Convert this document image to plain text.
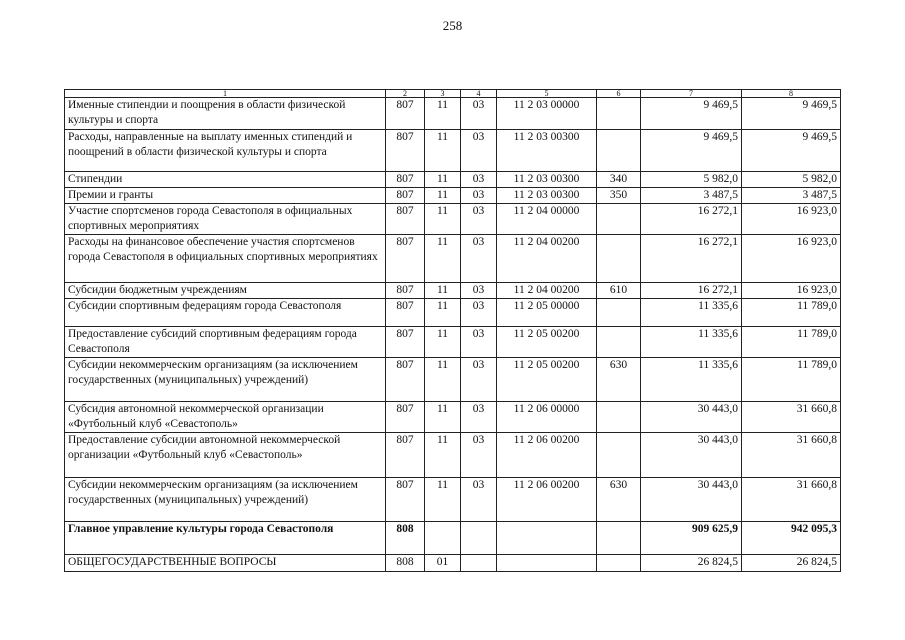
258
1	2	3	4	5	6	7	8
Именные стипендии и поощрения в области физической культуры и спорта	807	11	03	11 2 03 00000		9 469,5	9 469,5
Расходы, направленные на выплату именных стипендий и поощрений в области физической культуры и спорта	807	11	03	11 2 03 00300		9 469,5	9 469,5
Стипендии	807	11	03	11 2 03 00300	340	5 982,0	5 982,0
Премии и гранты	807	11	03	11 2 03 00300	350	3 487,5	3 487,5
Участие спортсменов города Севастополя в официальных спортивных мероприятиях	807	11	03	11 2 04 00000		16 272,1	16 923,0
Расходы на финансовое обеспечение участия спортсменов города Севастополя в официальных спортивных мероприятиях	807	11	03	11 2 04 00200		16 272,1	16 923,0
Субсидии бюджетным учреждениям	807	11	03	11 2 04 00200	610	16 272,1	16 923,0
Субсидии спортивным федерациям города Севастополя	807	11	03	11 2 05 00000		11 335,6	11 789,0
Предоставление субсидий спортивным федерациям города Севастополя	807	11	03	11 2 05 00200		11 335,6	11 789,0
Субсидии некоммерческим организациям (за исключением государственных (муниципальных) учреждений)	807	11	03	11 2 05 00200	630	11 335,6	11 789,0
Субсидия автономной некоммерческой организации «Футбольный клуб «Севастополь»	807	11	03	11 2 06 00000		30 443,0	31 660,8
Предоставление субсидии автономной некоммерческой организации «Футбольный клуб «Севастополь»	807	11	03	11 2 06 00200		30 443,0	31 660,8
Субсидии некоммерческим организациям (за исключением государственных (муниципальных) учреждений)	807	11	03	11 2 06 00200	630	30 443,0	31 660,8
Главное управление культуры города Севастополя	808					909 625,9	942 095,3
ОБЩЕГОСУДАРСТВЕННЫЕ ВОПРОСЫ	808	01				26 824,5	26 824,5
